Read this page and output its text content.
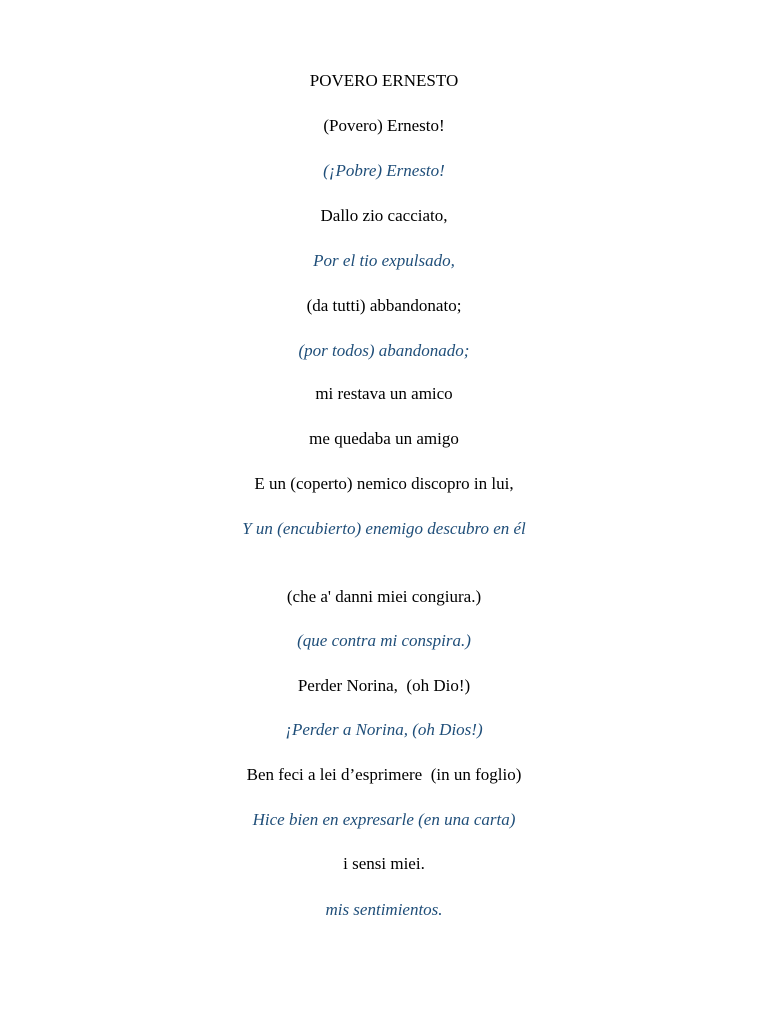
POVERO ERNESTO
(Povero) Ernesto!
(¡Pobre) Ernesto!
Dallo zio cacciato,
Por el tio expulsado,
(da tutti) abbandonato;
(por todos) abandonado;
mi restava un amico
me quedaba un amigo
E un (coperto) nemico discopro in lui,
Y un (encubierto) enemigo descubro en él
(che a' danni miei congiura.)
(que contra mi conspira.)
Perder Norina,  (oh Dio!)
¡Perder a Norina, (oh Dios!)
Ben feci a lei d’esprimere  (in un foglio)
Hice bien en expresarle (en una carta)
i sensi miei.
mis sentimientos.
